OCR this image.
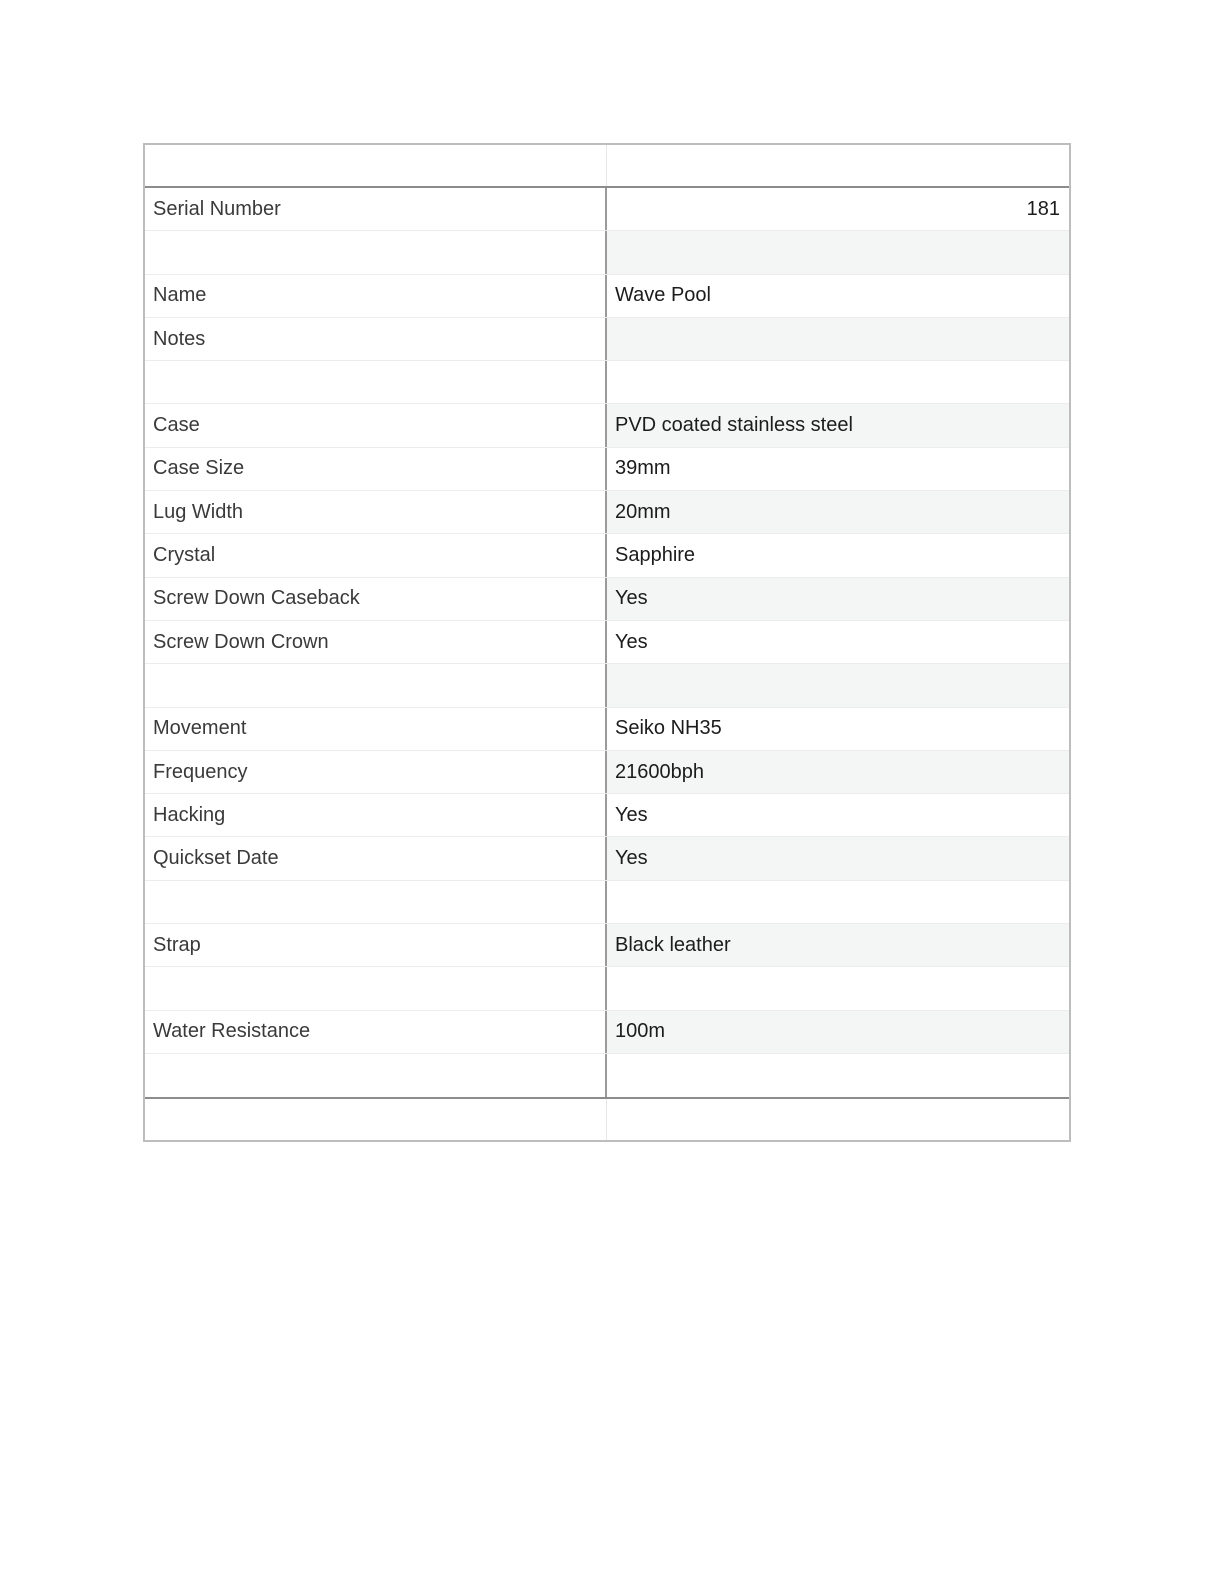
Serial Number	181
Name	Wave Pool
Notes
Case	PVD coated stainless steel
Case Size	39mm
Lug Width	20mm
Crystal	Sapphire
Screw Down Caseback	Yes
Screw Down Crown	Yes
Movement	Seiko NH35
Frequency	21600bph
Hacking	Yes
Quickset Date	Yes
Strap	Black leather
Water Resistance	100m
